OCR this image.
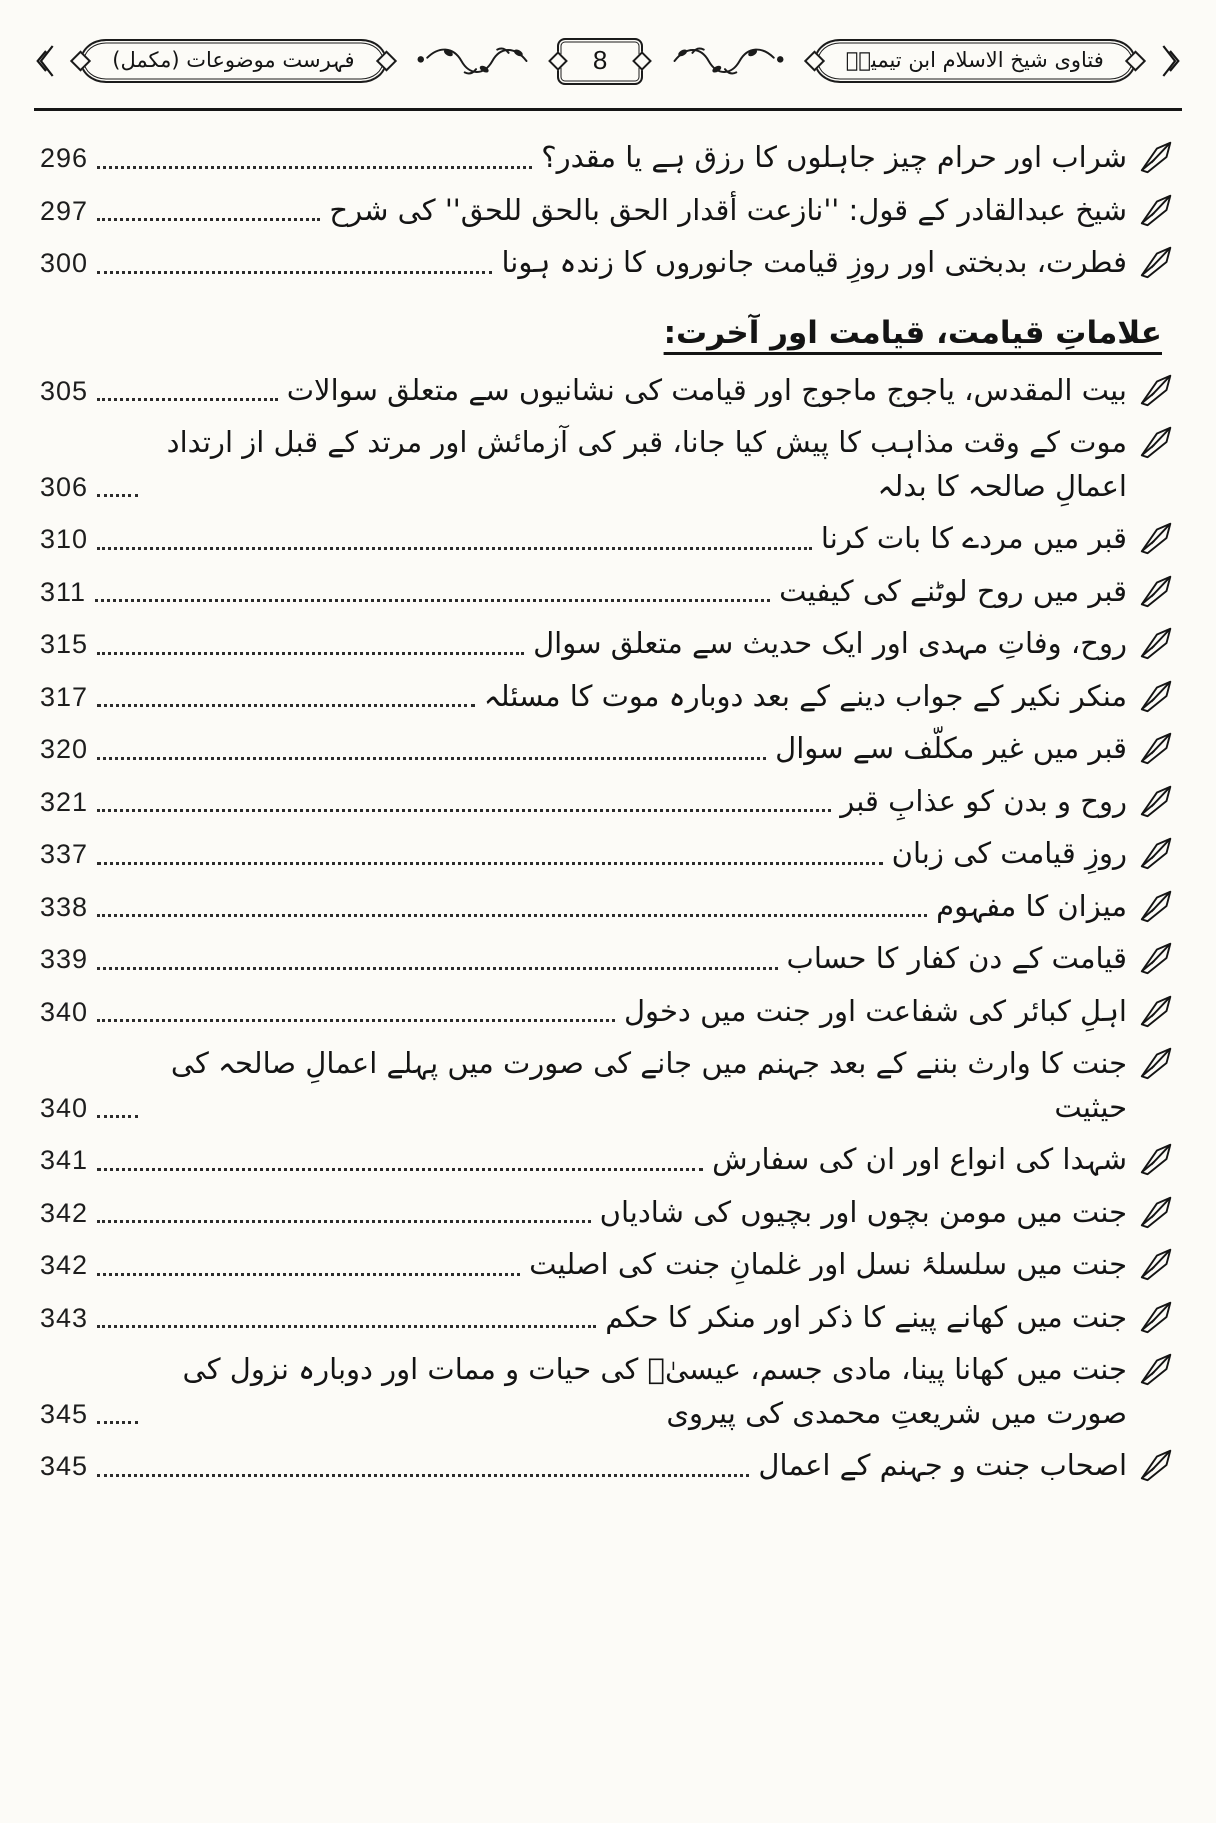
فتاوی شیخ الاسلام ابن تیمیہؒ
8
فہرست موضوعات (مکمل)
شراب اور حرام چیز جاہلوں کا رزق ہے یا مقدر؟
296
شیخ عبدالقادر کے قول: ''نازعت أقدار الحق بالحق للحق'' کی شرح
297
فطرت، بدبختی اور روزِ قیامت جانوروں کا زندہ ہونا
300
علاماتِ قیامت، قیامت اور آخرت:
بیت المقدس، یاجوج ماجوج اور قیامت کی نشانیوں سے متعلق سوالات
305
موت کے وقت مذاہب کا پیش کیا جانا، قبر کی آزمائش اور مرتد کے قبل از ارتداد اعمالِ صالحہ کا بدلہ
306
قبر میں مردے کا بات کرنا
310
قبر میں روح لوٹنے کی کیفیت
311
روح، وفاتِ مہدی اور ایک حدیث سے متعلق سوال
315
منکر نکیر کے جواب دینے کے بعد دوبارہ موت کا مسئلہ
317
قبر میں غیر مکلّف سے سوال
320
روح و بدن کو عذابِ قبر
321
روزِ قیامت کی زبان
337
میزان کا مفہوم
338
قیامت کے دن کفار کا حساب
339
اہلِ کبائر کی شفاعت اور جنت میں دخول
340
جنت کا وارث بننے کے بعد جہنم میں جانے کی صورت میں پہلے اعمالِ صالحہ کی حیثیت
340
شہدا کی انواع اور ان کی سفارش
341
جنت میں مومن بچوں اور بچیوں کی شادیاں
342
جنت میں سلسلۂ نسل اور غلمانِ جنت کی اصلیت
342
جنت میں کھانے پینے کا ذکر اور منکر کا حکم
343
جنت میں کھانا پینا، مادی جسم، عیسیٰؑ کی حیات و ممات اور دوبارہ نزول کی صورت میں شریعتِ محمدی کی پیروی
345
اصحاب جنت و جہنم کے اعمال
345
